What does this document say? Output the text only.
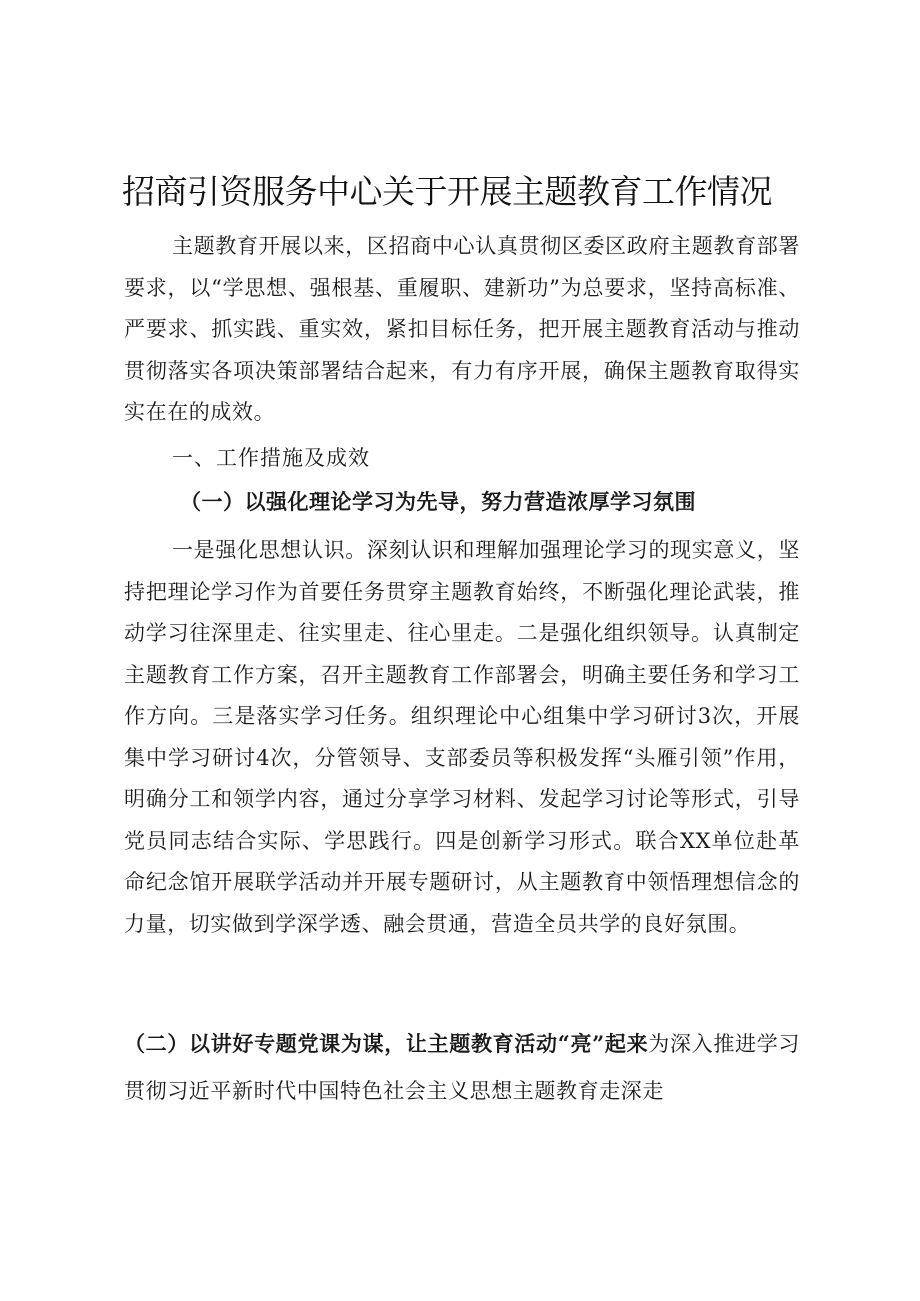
招商引资服务中心关于开展主题教育工作情况

主题教育开展以来，区招商中心认真贯彻区委区政府主题教育部署要求，以“学思想、强根基、重履职、建新功”为总要求，坚持高标准、严要求、抓实践、重实效，紧扣目标任务，把开展主题教育活动与推动贯彻落实各项决策部署结合起来，有力有序开展，确保主题教育取得实实在在的成效。

一、工作措施及成效
（一）以强化理论学习为先导，努力营造浓厚学习氛围

一是强化思想认识。深刻认识和理解加强理论学习的现实意义，坚持把理论学习作为首要任务贯穿主题教育始终，不断强化理论武装，推动学习往深里走、往实里走、往心里走。二是强化组织领导。认真制定主题教育工作方案，召开主题教育工作部署会，明确主要任务和学习工作方向。三是落实学习任务。组织理论中心组集中学习研讨3次，开展集中学习研讨4次，分管领导、支部委员等积极发挥“头雁引领”作用，明确分工和领学内容，通过分享学习材料、发起学习讨论等形式，引导党员同志结合实际、学思践行。四是创新学习形式。联合XX单位赴革命纪念馆开展联学活动并开展专题研讨，从主题教育中领悟理想信念的力量，切实做到学深学透、融会贯通，营造全员共学的良好氛围。

（二）以讲好专题党课为谋，让主题教育活动“亮”起来为深入推进学习贯彻习近平新时代中国特色社会主义思想主题教育走深走
